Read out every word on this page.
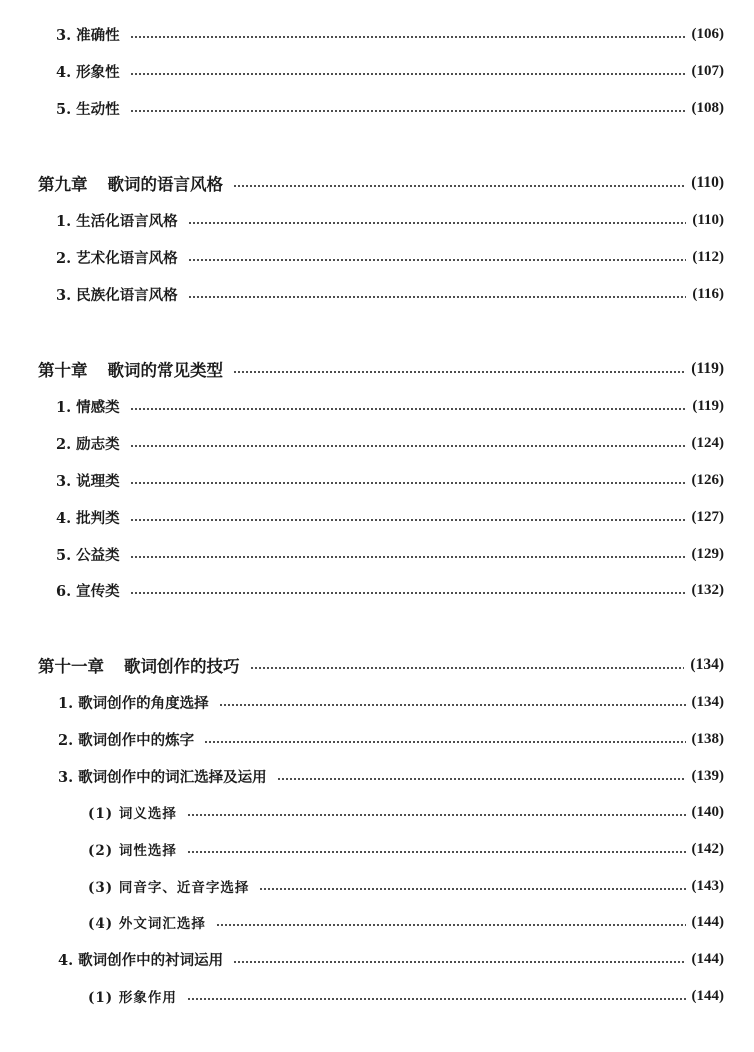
3. 准确性	(106)
4. 形象性	(107)
5. 生动性	(108)
第九章 歌词的语言风格	(110)
1. 生活化语言风格	(110)
2. 艺术化语言风格	(112)
3. 民族化语言风格	(116)
第十章 歌词的常见类型	(119)
1. 情感类	(119)
2. 励志类	(124)
3. 说理类	(126)
4. 批判类	(127)
5. 公益类	(129)
6. 宣传类	(132)
第十一章 歌词创作的技巧	(134)
1. 歌词创作的角度选择	(134)
2. 歌词创作中的炼字	(138)
3. 歌词创作中的词汇选择及运用	(139)
(1) 词义选择	(140)
(2) 词性选择	(142)
(3) 同音字、近音字选择	(143)
(4) 外文词汇选择	(144)
4. 歌词创作中的衬词运用	(144)
(1) 形象作用	(144)
